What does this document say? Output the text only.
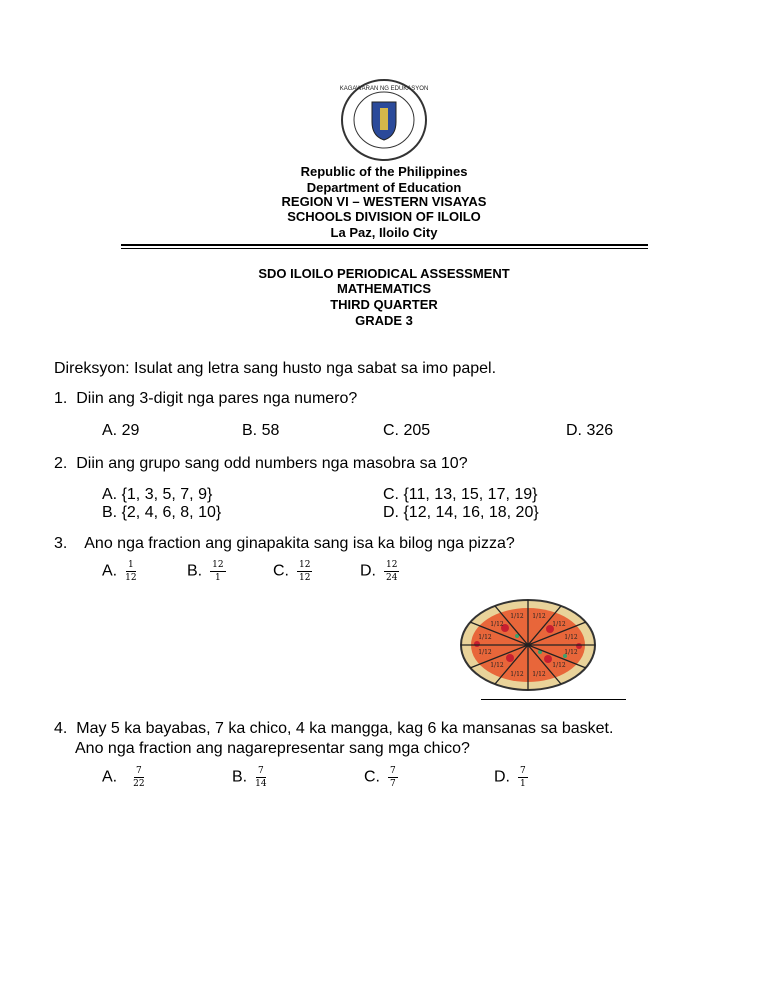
KAGAWARAN NG EDUKASYON
Republic of the Philippines
Department of Education
REGION VI – WESTERN VISAYAS
SCHOOLS DIVISION OF ILOILO
La Paz, Iloilo City
SDO ILOILO PERIODICAL ASSESSMENT
MATHEMATICS
THIRD QUARTER
GRADE 3
Direksyon: Isulat ang letra sang husto nga sabat sa imo papel.
1. Diin ang 3-digit nga pares nga numero?
A. 29	B. 58	C. 205	D. 326
2. Diin ang grupo sang odd numbers nga masobra sa 10?
A. {1, 3, 5, 7, 9}
B. {2, 4, 6, 8, 10}
C. {11, 13, 15, 17, 19}
D. {12, 14, 16, 18, 20}
3. Ano nga fraction ang ginapakita sang isa ka bilog nga pizza?
A. $\frac{1}{12}$	B. $\frac{12}{1}$	C. $\frac{12}{12}$	D. $\frac{12}{24}$
1/12
1/12
1/12
1/12
1/12
1/12
1/12
1/12
1/12 1/12
1/12
1/12
4. May 5 ka bayabas, 7 ka chico, 4 ka mangga, kag 6 ka mansanas sa basket.
Ano nga fraction ang nagarepresentar sang mga chico?
A. $\frac{7}{22}$	B. $\frac{7}{14}$	C. $\frac{7}{7}$	D. $\frac{7}{1}$
